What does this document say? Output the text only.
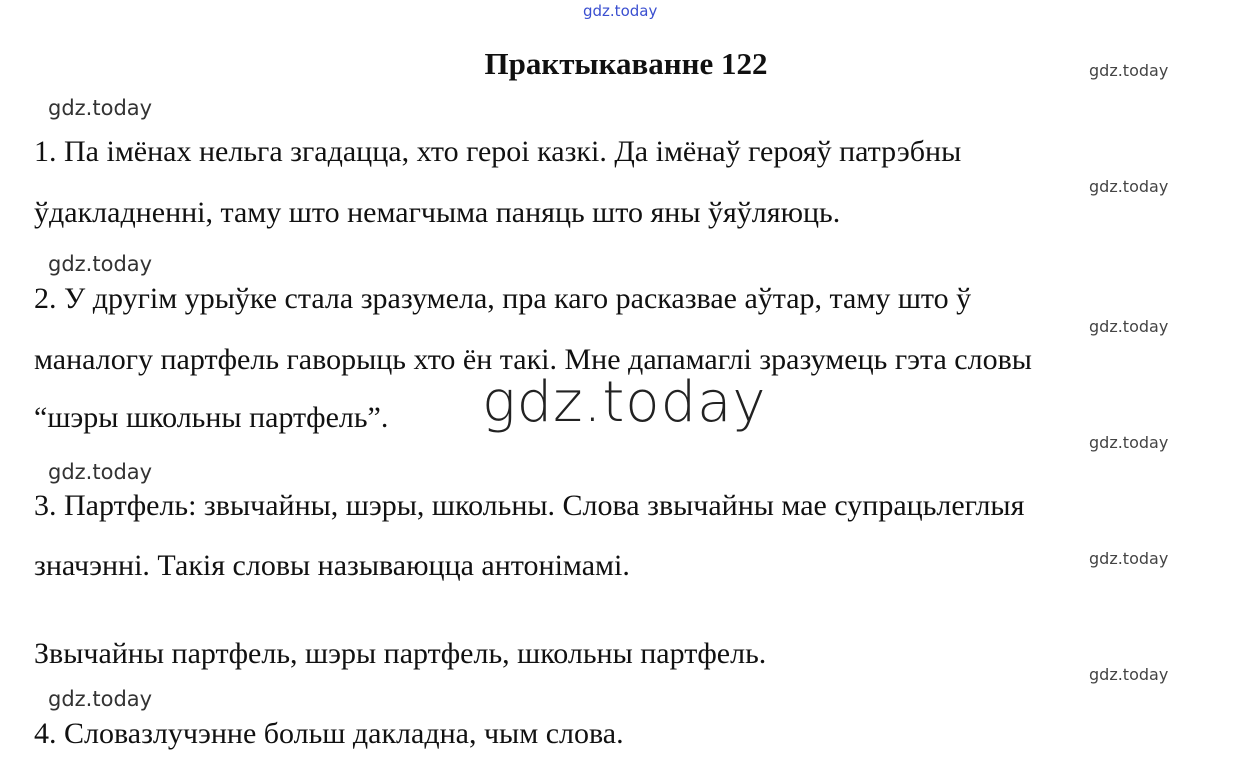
gdz.today
Практыкаванне 122	gdz.today
gdz.today
gdz.today
gdz.today
gdz.today
gdz.today
gdz.today
gdz.today
gdz.today
gdz.today
gdz.today

1. Па імёнах нельга згадацца, хто героі казкі. Да імёнаў герояў патрэбны

ўдакладненні, таму што немагчыма паняць што яны ўяўляюць.

2. У другім урыўке стала зразумела, пра каго расказвае аўтар, таму што ў

маналогу партфель гаворыць хто ён такі. Мне дапамаглі зразумець гэта словы

“шэры школьны партфель”.

3. Партфель: звычайны, шэры, школьны. Слова звычайны мае супрацьлеглыя

значэнні. Такія словы называюцца антонімамі.

Звычайны партфель, шэры партфель, школьны партфель.

4. Словазлучэнне больш дакладна, чым слова.
